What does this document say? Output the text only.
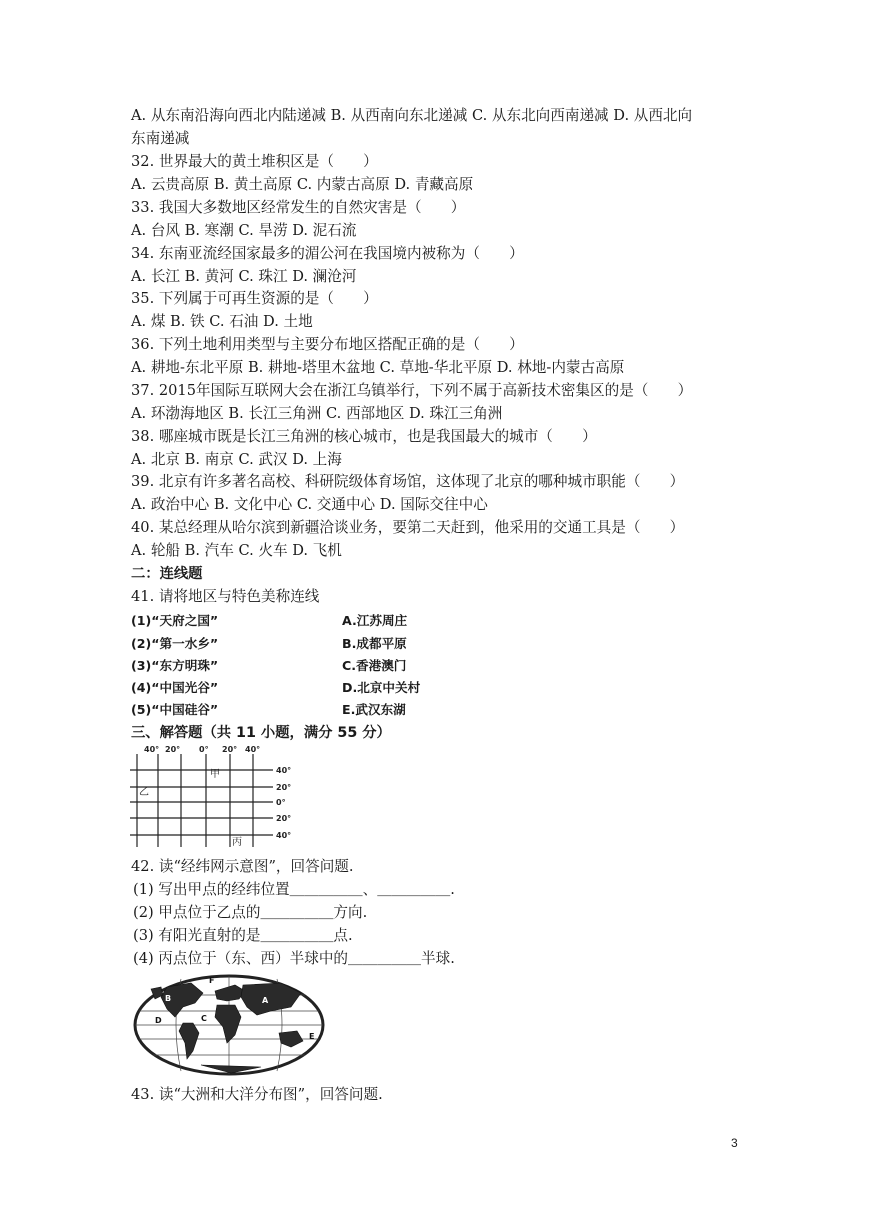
A. 从东南沿海向西北内陆递减 B. 从西南向东北递减 C. 从东北向西南递减 D. 从西北向
东南递减
32. 世界最大的黄土堆积区是（　　）
A. 云贵高原 B. 黄土高原 C. 内蒙古高原 D. 青藏高原
33. 我国大多数地区经常发生的自然灾害是（　　）
A. 台风 B. 寒潮 C. 旱涝 D. 泥石流
34. 东南亚流经国家最多的湄公河在我国境内被称为（　　）
A. 长江 B. 黄河 C. 珠江 D. 澜沧河
35. 下列属于可再生资源的是（　　）
A. 煤 B. 铁 C. 石油 D. 土地
36. 下列土地利用类型与主要分布地区搭配正确的是（　　）
A. 耕地-东北平原 B. 耕地-塔里木盆地 C. 草地-华北平原 D. 林地-内蒙古高原
37. 2015年国际互联网大会在浙江乌镇举行，下列不属于高新技术密集区的是（　　）
A. 环渤海地区 B. 长江三角洲 C. 西部地区 D. 珠江三角洲
38. 哪座城市既是长江三角洲的核心城市，也是我国最大的城市（　　）
A. 北京 B. 南京 C. 武汉 D. 上海
39. 北京有许多著名高校、科研院级体育场馆，这体现了北京的哪种城市职能（　　）
A. 政治中心 B. 文化中心 C. 交通中心 D. 国际交往中心
40. 某总经理从哈尔滨到新疆洽谈业务，要第二天赶到，他采用的交通工具是（　　）
A. 轮船 B. 汽车 C. 火车 D. 飞机
二：连线题
41. 请将地区与特色美称连线
(1)“天府之国”
(2)“第一水乡”
(3)“东方明珠”
(4)“中国光谷”
(5)“中国硅谷”
A.江苏周庄
B.成都平原
C.香港澳门
D.北京中关村
E.武汉东湖
三、解答题（共 11 小题，满分 55 分）
40° 20° 0° 20° 40°
40°
20°
0°
20°
40°
甲
乙
丙
42. 读“经纬网示意图”，回答问题.
(1) 写出甲点的经纬位置＿＿＿＿＿、＿＿＿＿＿.
(2) 甲点位于乙点的＿＿＿＿＿方向.
(3) 有阳光直射的是＿＿＿＿＿点.
(4) 丙点位于（东、西）半球中的＿＿＿＿＿半球.
F
A
B
C
D
E
43. 读“大洲和大洋分布图”，回答问题.
3
